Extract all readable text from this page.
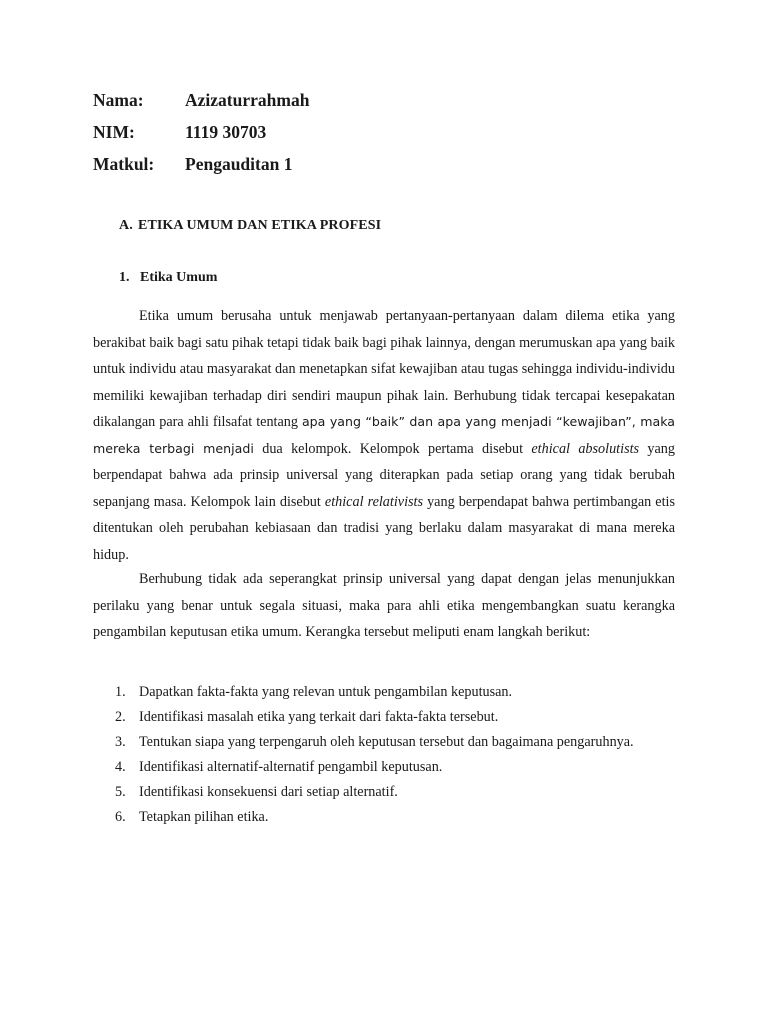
Nama:	Azizaturrahmah
NIM:	1119 30703
Matkul:	Pengauditan 1
A. ETIKA UMUM DAN ETIKA PROFESI
1. Etika Umum

Etika umum berusaha untuk menjawab pertanyaan-pertanyaan dalam dilema etika yang berakibat baik bagi satu pihak tetapi tidak baik bagi pihak lainnya, dengan merumuskan apa yang baik untuk individu atau masyarakat dan menetapkan sifat kewajiban atau tugas sehingga individu-individu memiliki kewajiban terhadap diri sendiri maupun pihak lain. Berhubung tidak tercapai kesepakatan dikalangan para ahli filsafat tentang apa yang “baik” dan apa yang menjadi “kewajiban”, maka mereka terbagi menjadi dua kelompok. Kelompok pertama disebut ethical absolutists yang berpendapat bahwa ada prinsip universal yang diterapkan pada setiap orang yang tidak berubah sepanjang masa. Kelompok lain disebut ethical relativists yang berpendapat bahwa pertimbangan etis ditentukan oleh perubahan kebiasaan dan tradisi yang berlaku dalam masyarakat di mana mereka hidup.

Berhubung tidak ada seperangkat prinsip universal yang dapat dengan jelas menunjukkan perilaku yang benar untuk segala situasi, maka para ahli etika mengembangkan suatu kerangka pengambilan keputusan etika umum. Kerangka tersebut meliputi enam langkah berikut:

1. Dapatkan fakta-fakta yang relevan untuk pengambilan keputusan.
2. Identifikasi masalah etika yang terkait dari fakta-fakta tersebut.
3. Tentukan siapa yang terpengaruh oleh keputusan tersebut dan bagaimana pengaruhnya.
4. Identifikasi alternatif-alternatif pengambil keputusan.
5. Identifikasi konsekuensi dari setiap alternatif.
6. Tetapkan pilihan etika.
